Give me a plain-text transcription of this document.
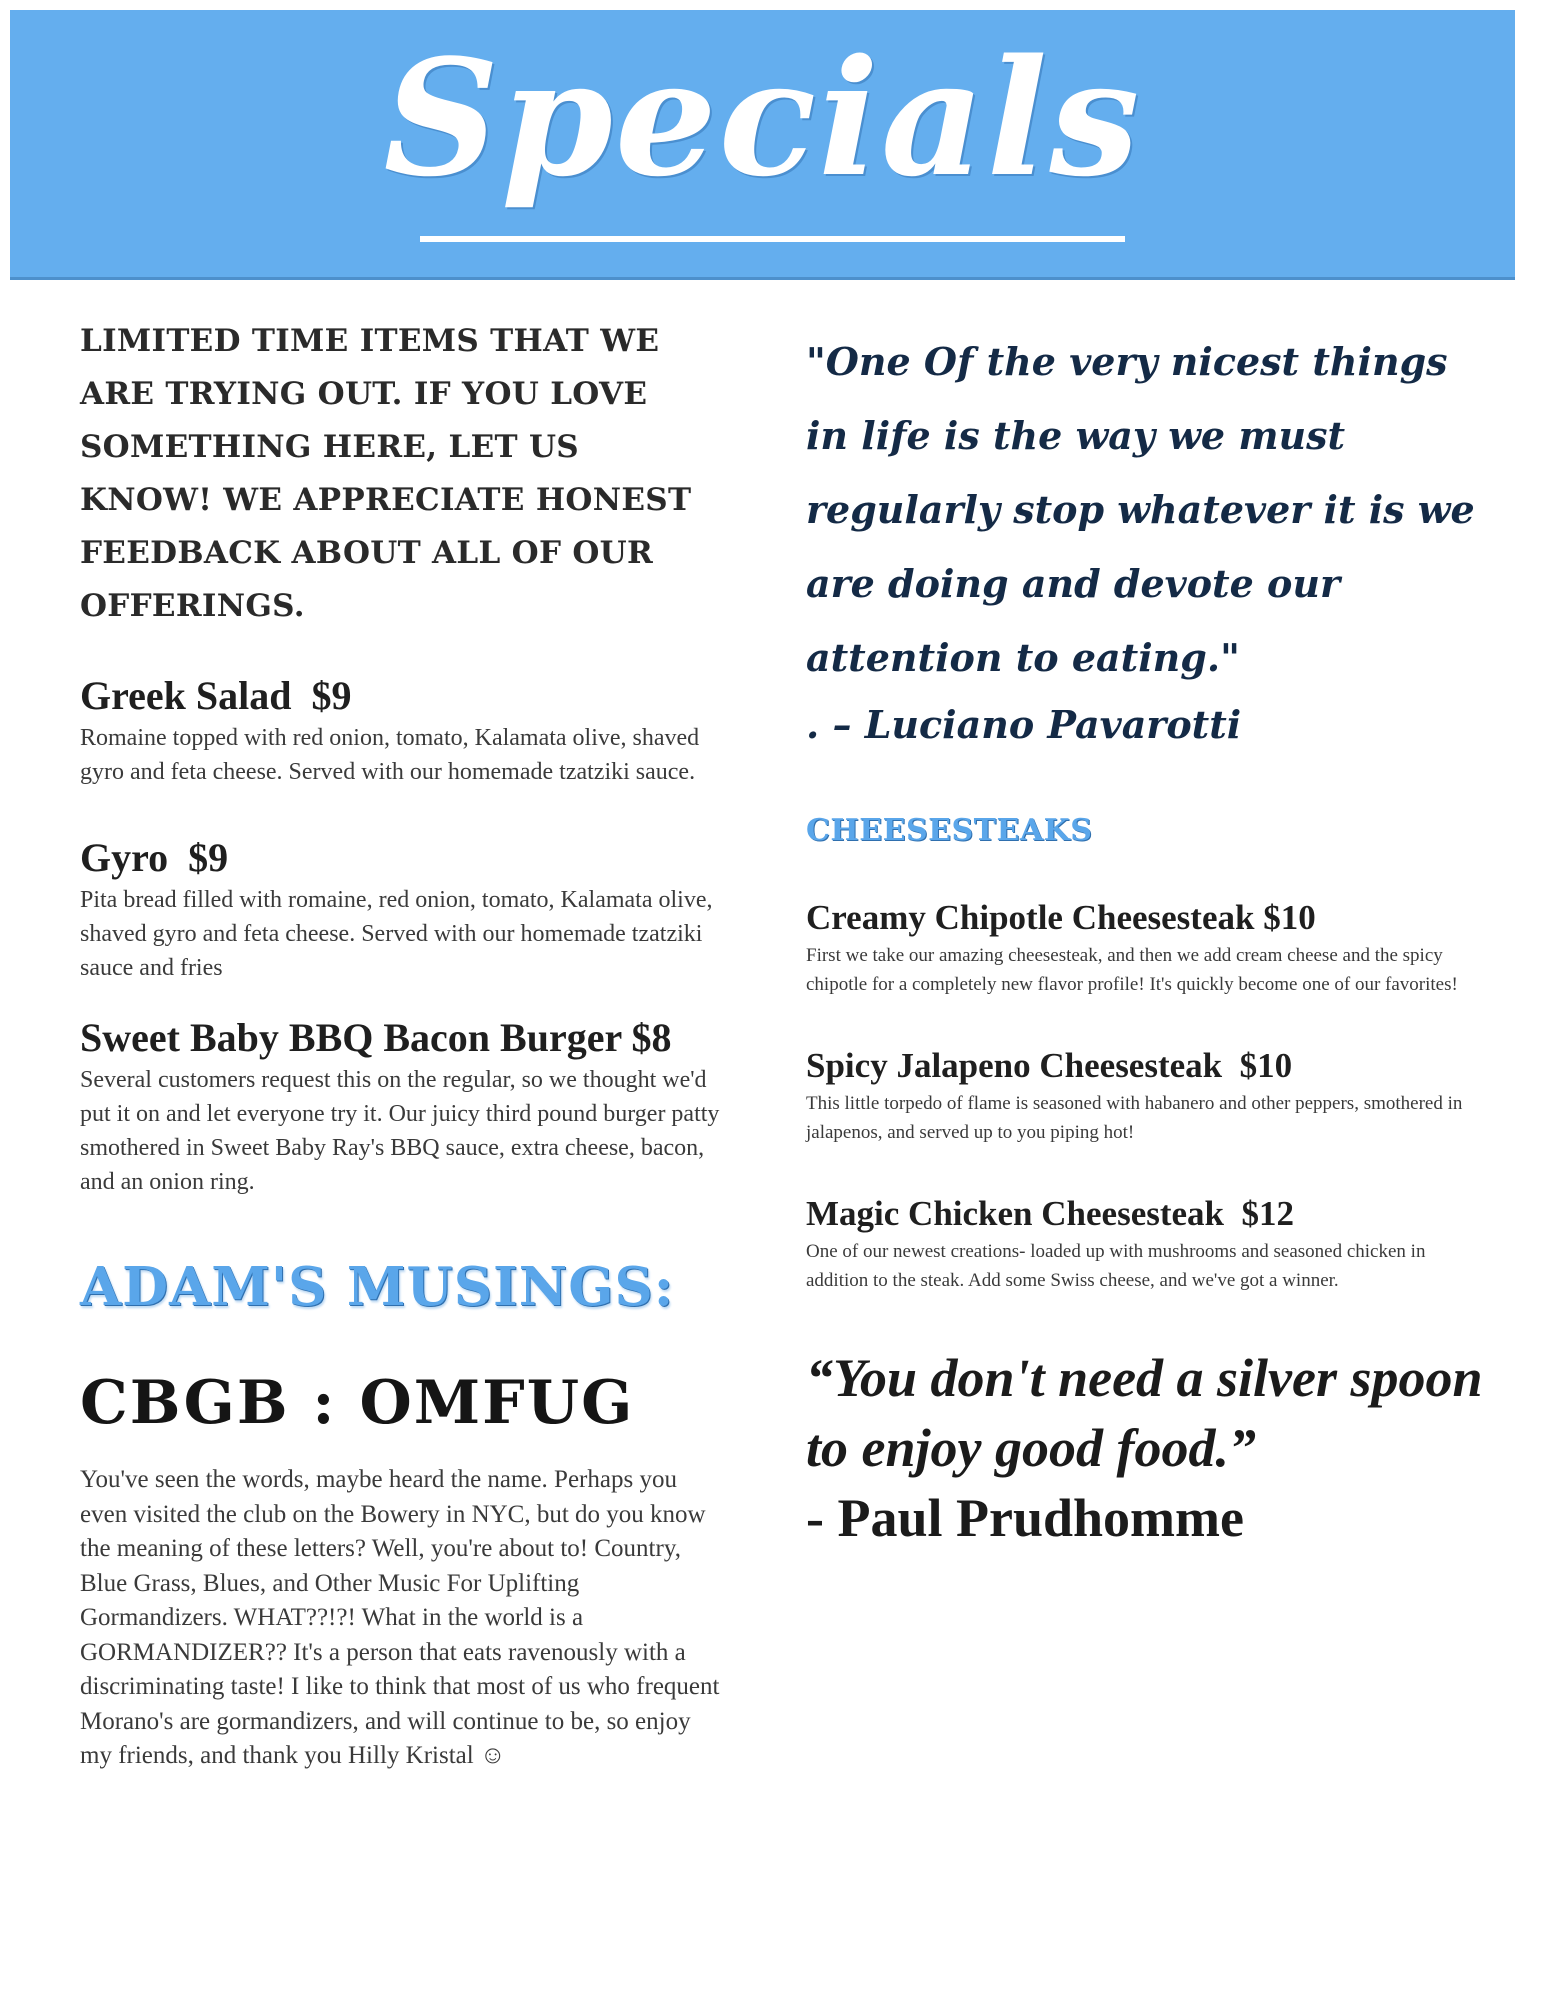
Specials

LIMITED TIME ITEMS THAT WE ARE TRYING OUT. IF YOU LOVE SOMETHING HERE, LET US KNOW! WE APPRECIATE HONEST FEEDBACK ABOUT ALL OF OUR OFFERINGS.

Greek Salad  $9

Romaine topped with red onion, tomato, Kalamata olive, shaved gyro and feta cheese. Served with our homemade tzatziki sauce.

Gyro  $9

Pita bread filled with romaine, red onion, tomato, Kalamata olive, shaved gyro and feta cheese. Served with our homemade tzatziki sauce and fries

Sweet Baby BBQ Bacon Burger $8

Several customers request this on the regular, so we thought we'd put it on and let everyone try it. Our juicy third pound burger patty smothered in Sweet Baby Ray's BBQ sauce, extra cheese, bacon, and an onion ring.

ADAM'S MUSINGS:

CBGB : OMFUG

You've seen the words, maybe heard the name. Perhaps you even visited the club on the Bowery in NYC, but do you know the meaning of these letters? Well, you're about to! Country, Blue Grass, Blues, and Other Music For Uplifting Gormandizers. WHAT??!?! What in the world is a GORMANDIZER?? It's a person that eats ravenously with a discriminating taste! I like to think that most of us who frequent Morano's are gormandizers, and will continue to be, so enjoy my friends, and thank you Hilly Kristal ☺

"One Of the very nicest things in life is the way we must regularly stop whatever it is we are doing and devote our attention to eating."

. – Luciano Pavarotti

CHEESESTEAKS

Creamy Chipotle Cheesesteak $10

First we take our amazing cheesesteak, and then we add cream cheese and the spicy chipotle for a completely new flavor profile! It's quickly become one of our favorites!

Spicy Jalapeno Cheesesteak  $10

This little torpedo of flame is seasoned with habanero and other peppers, smothered in jalapenos, and served up to you piping hot!

Magic Chicken Cheesesteak  $12

One of our newest creations- loaded up with mushrooms and seasoned chicken in addition to the steak. Add some Swiss cheese, and we've got a winner.

“You don't need a silver spoon to enjoy good food.”

- Paul Prudhomme
